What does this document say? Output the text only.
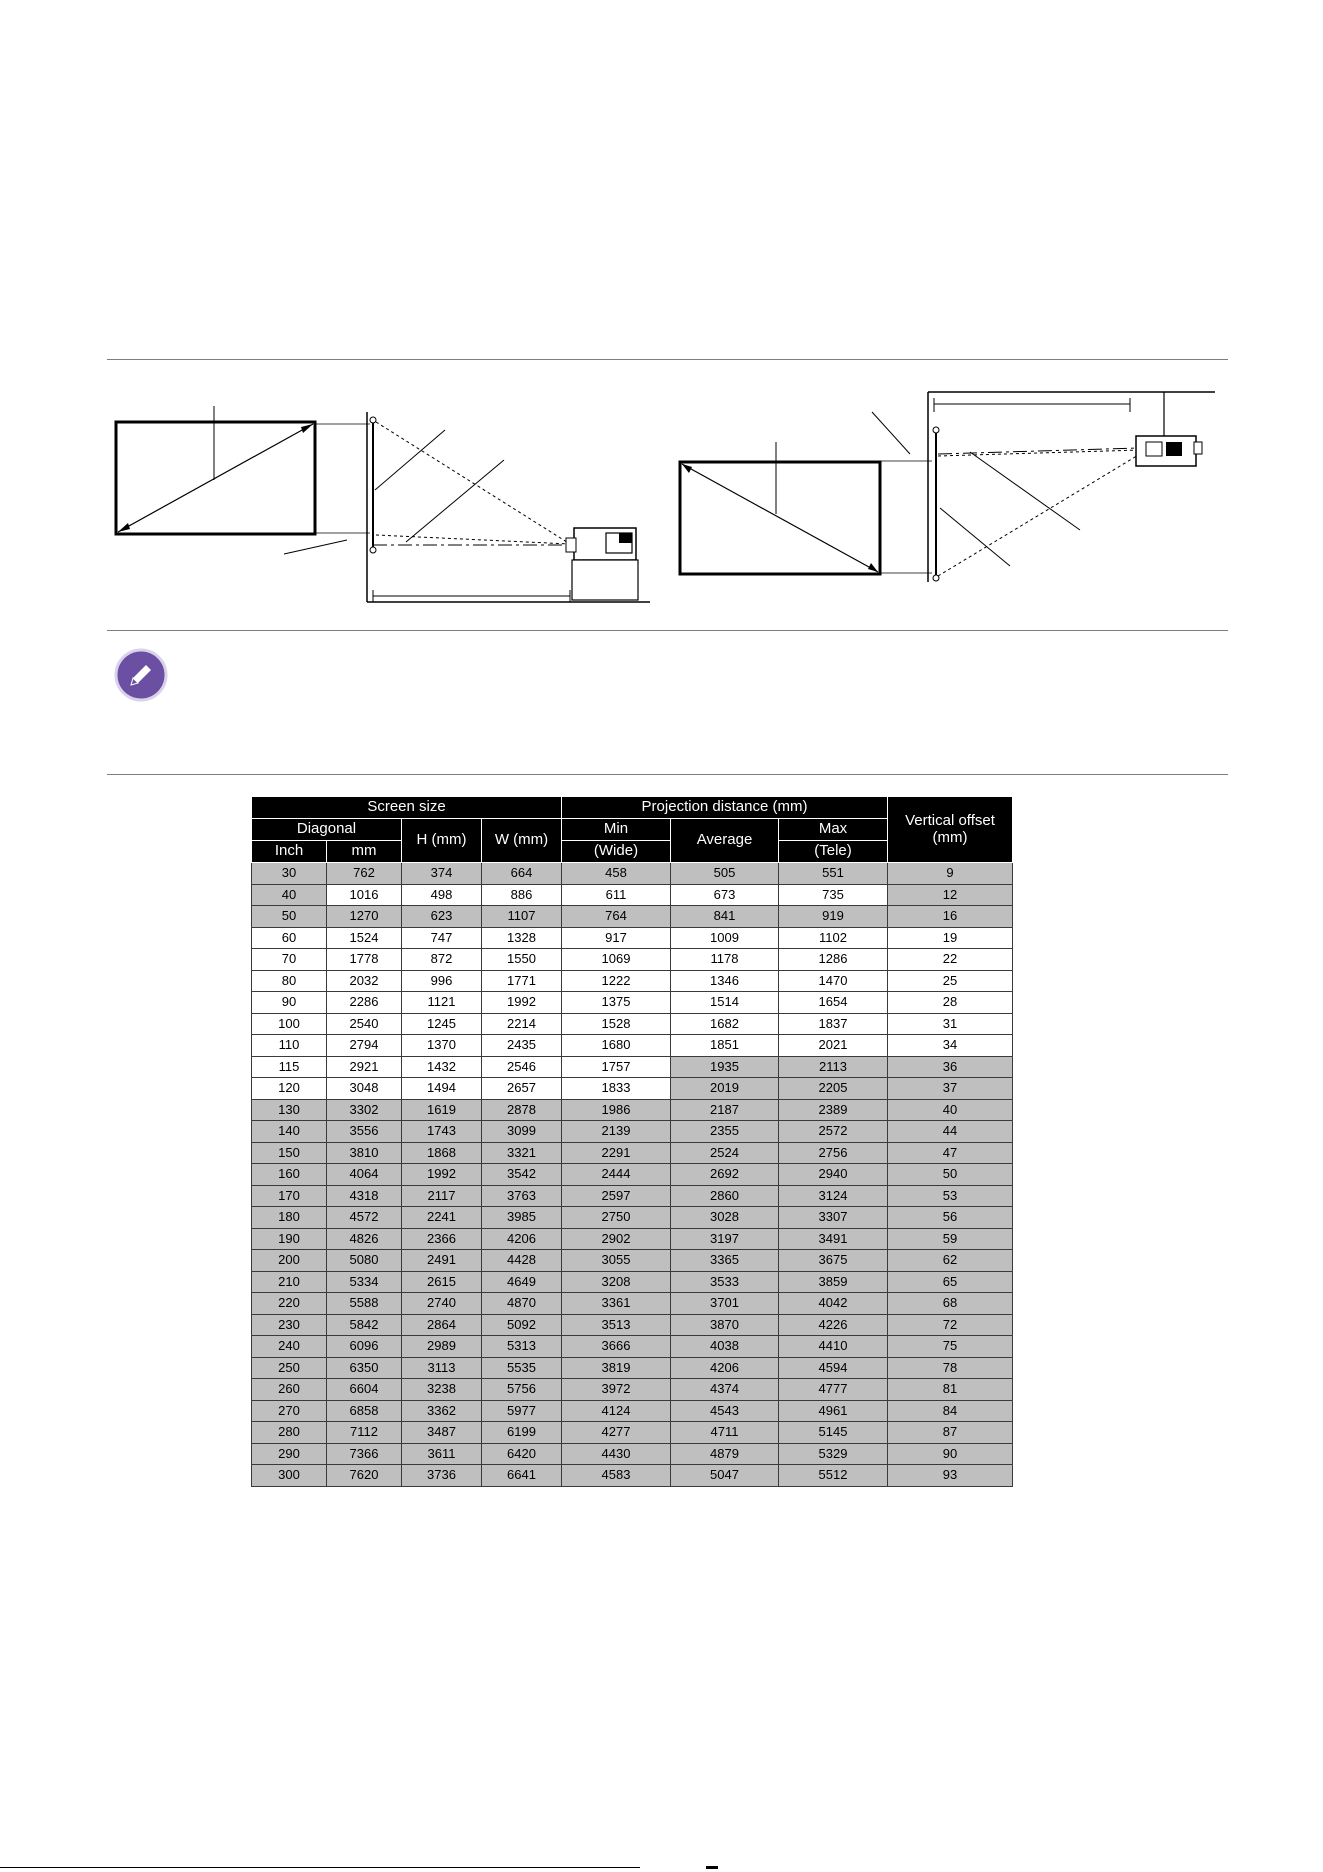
Screen size				Projection distance (mm)			Vertical offset (mm)
Diagonal		H (mm)	W (mm)	Min	Average	Max	
Inch	mm			(Wide)		(Tele)	
30	762	374	664	458	505	551	9
40	1016	498	886	611	673	735	12
50	1270	623	1107	764	841	919	16
60	1524	747	1328	917	1009	1102	19
70	1778	872	1550	1069	1178	1286	22
80	2032	996	1771	1222	1346	1470	25
90	2286	1121	1992	1375	1514	1654	28
100	2540	1245	2214	1528	1682	1837	31
110	2794	1370	2435	1680	1851	2021	34
115	2921	1432	2546	1757	1935	2113	36
120	3048	1494	2657	1833	2019	2205	37
130	3302	1619	2878	1986	2187	2389	40
140	3556	1743	3099	2139	2355	2572	44
150	3810	1868	3321	2291	2524	2756	47
160	4064	1992	3542	2444	2692	2940	50
170	4318	2117	3763	2597	2860	3124	53
180	4572	2241	3985	2750	3028	3307	56
190	4826	2366	4206	2902	3197	3491	59
200	5080	2491	4428	3055	3365	3675	62
210	5334	2615	4649	3208	3533	3859	65
220	5588	2740	4870	3361	3701	4042	68
230	5842	2864	5092	3513	3870	4226	72
240	6096	2989	5313	3666	4038	4410	75
250	6350	3113	5535	3819	4206	4594	78
260	6604	3238	5756	3972	4374	4777	81
270	6858	3362	5977	4124	4543	4961	84
280	7112	3487	6199	4277	4711	5145	87
290	7366	3611	6420	4430	4879	5329	90
300	7620	3736	6641	4583	5047	5512	93
